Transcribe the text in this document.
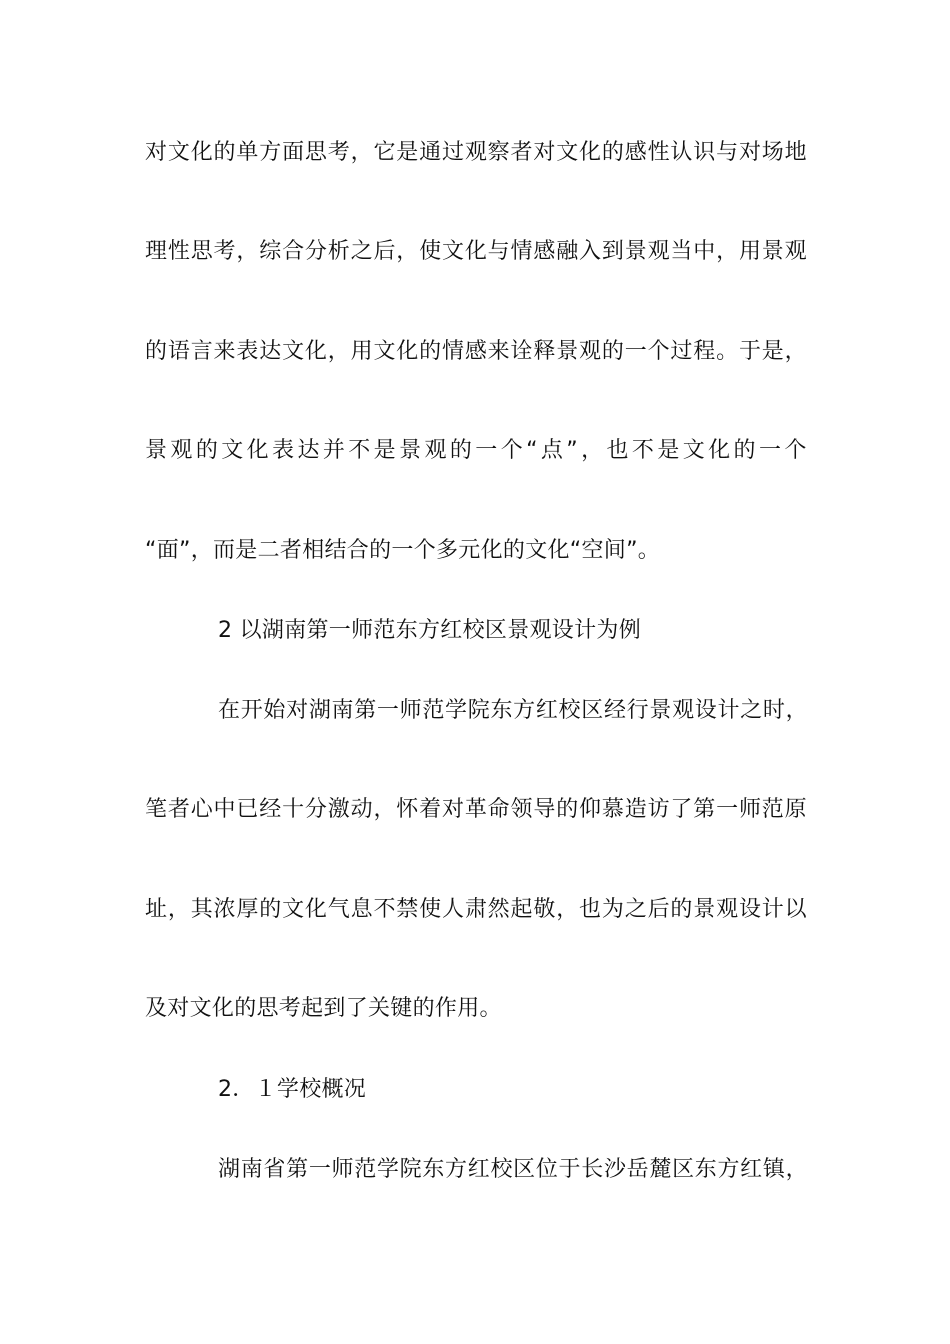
对 文 化 的 单 方 面 思 考 ， 它 是 通 过 观 察 者 对 文 化 的 感 性 认 识 与 对 场 地
理 性 思 考 ， 综 合 分 析 之 后 ， 使 文 化 与 情 感 融 入 到 景 观 当 中 ， 用 景 观
的 语 言 来 表 达 文 化 ， 用 文 化 的 情 感 来 诠 释 景 观 的 一 个 过 程 。 于 是 ，
景 观 的 文 化 表 达 并 不 是 景 观 的 一 个 “ 点 ” ， 也 不 是 文 化 的 一 个
“面”，而是二者相结合的一个多元化的文化“空间”。
2 以湖南第一师范东方红校区景观设计为例
在 开 始 对 湖 南 第 一 师 范 学 院 东 方 红 校 区 经 行 景 观 设 计 之 时 ，
笔 者 心 中 已 经 十 分 激 动 ， 怀 着 对 革 命 领 导 的 仰 慕 造 访 了 第 一 师 范 原
址 ， 其 浓 厚 的 文 化 气 息 不 禁 使 人 肃 然 起 敬 ， 也 为 之 后 的 景 观 设 计 以
及对文化的思考起到了关键的作用。
2．１学校概况
湖 南 省 第 一 师 范 学 院 东 方 红 校 区 位 于 长 沙 岳 麓 区 东 方 红 镇 ，
